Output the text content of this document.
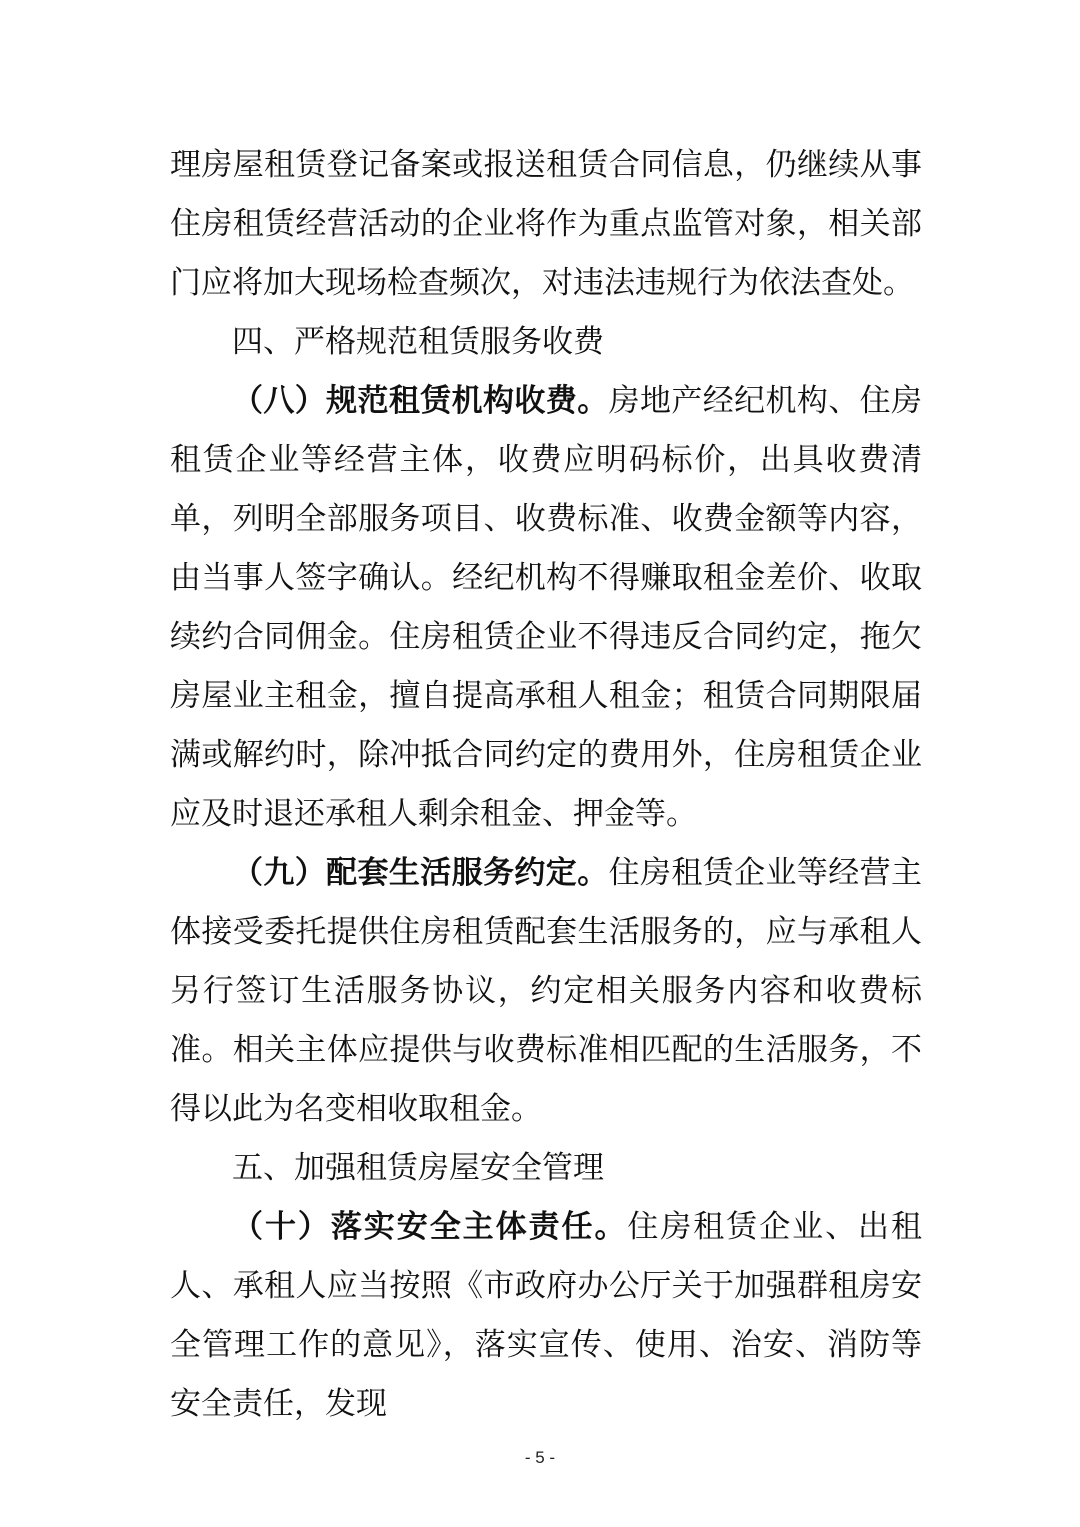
理房屋租赁登记备案或报送租赁合同信息，仍继续从事住房租赁经营活动的企业将作为重点监管对象，相关部门应将加大现场检查频次，对违法违规行为依法查处。

四、严格规范租赁服务收费

（八）规范租赁机构收费。房地产经纪机构、住房租赁企业等经营主体，收费应明码标价，出具收费清单，列明全部服务项目、收费标准、收费金额等内容，由当事人签字确认。经纪机构不得赚取租金差价、收取续约合同佣金。住房租赁企业不得违反合同约定，拖欠房屋业主租金，擅自提高承租人租金；租赁合同期限届满或解约时，除冲抵合同约定的费用外，住房租赁企业应及时退还承租人剩余租金、押金等。

（九）配套生活服务约定。住房租赁企业等经营主体接受委托提供住房租赁配套生活服务的，应与承租人另行签订生活服务协议，约定相关服务内容和收费标准。相关主体应提供与收费标准相匹配的生活服务，不得以此为名变相收取租金。

五、加强租赁房屋安全管理

（十）落实安全主体责任。住房租赁企业、出租人、承租人应当按照《市政府办公厅关于加强群租房安全管理工作的意见》，落实宣传、使用、治安、消防等安全责任，发现

- 5 -
